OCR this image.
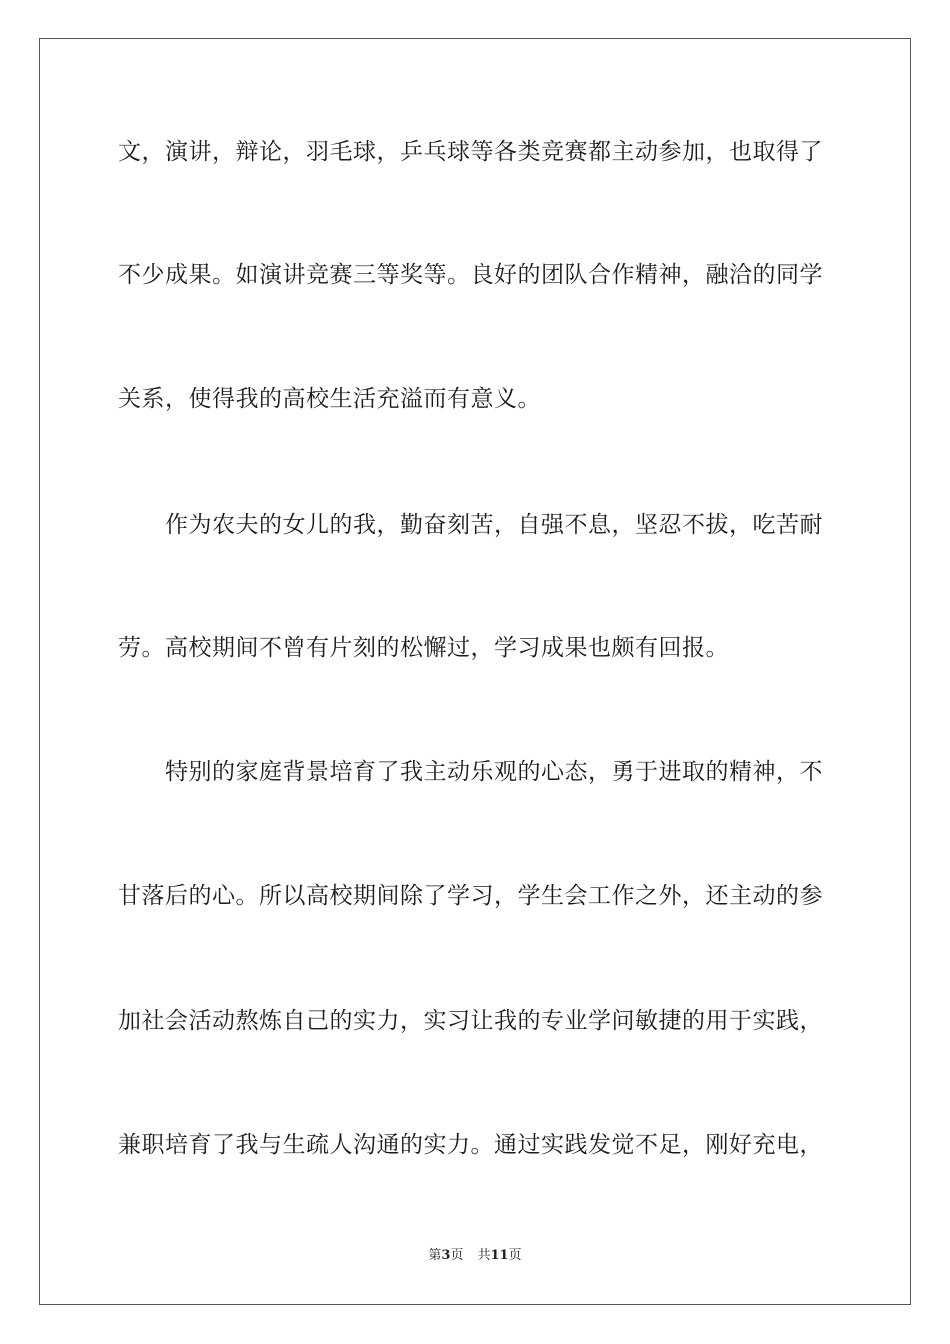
文，演讲，辩论，羽毛球，乒乓球等各类竞赛都主动参加，也取得了
不少成果。如演讲竞赛三等奖等。良好的团队合作精神，融洽的同学
关系，使得我的高校生活充溢而有意义。
　　作为农夫的女儿的我，勤奋刻苦，自强不息，坚忍不拔，吃苦耐
劳。高校期间不曾有片刻的松懈过，学习成果也颇有回报。
　　特别的家庭背景培育了我主动乐观的心态，勇于进取的精神，不
甘落后的心。所以高校期间除了学习，学生会工作之外，还主动的参
加社会活动熬炼自己的实力，实习让我的专业学问敏捷的用于实践，
兼职培育了我与生疏人沟通的实力。通过实践发觉不足，刚好充电，
第3页 共11页
